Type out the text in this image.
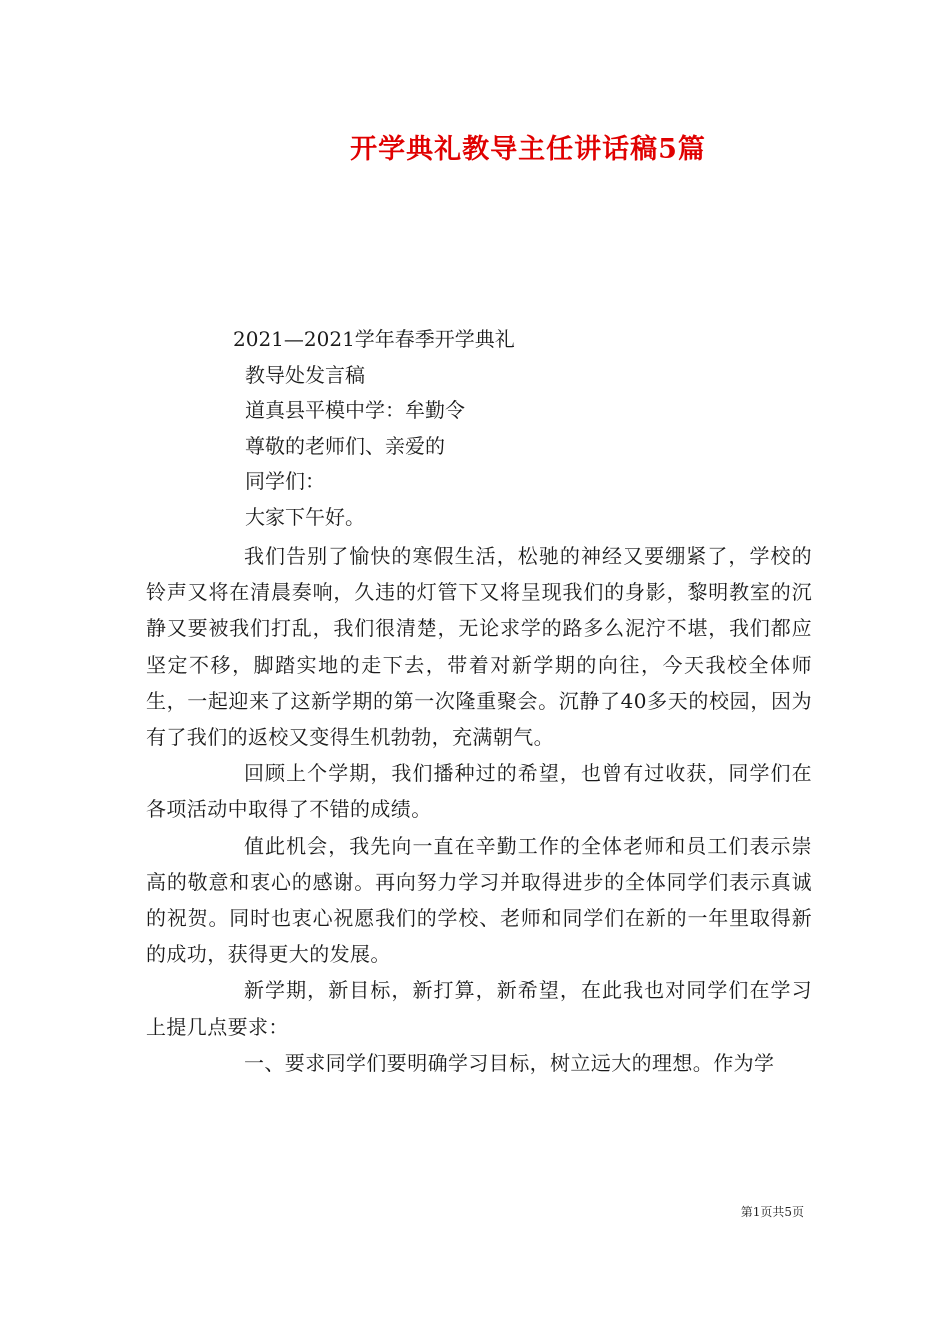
开学典礼教导主任讲话稿5篇
2021—2021学年春季开学典礼
教导处发言稿
道真县平模中学：牟勤令
尊敬的老师们、亲爱的
同学们：
大家下午好。

我们告别了愉快的寒假生活，松驰的神经又要绷紧了，学校的铃声又将在清晨奏响，久违的灯管下又将呈现我们的身影，黎明教室的沉静又要被我们打乱，我们很清楚，无论求学的路多么泥泞不堪，我们都应坚定不移，脚踏实地的走下去，带着对新学期的向往，今天我校全体师生，一起迎来了这新学期的第一次隆重聚会。沉静了40多天的校园，因为有了我们的返校又变得生机勃勃，充满朝气。

回顾上个学期，我们播种过的希望，也曾有过收获，同学们在各项活动中取得了不错的成绩。

值此机会，我先向一直在辛勤工作的全体老师和员工们表示崇高的敬意和衷心的感谢。再向努力学习并取得进步的全体同学们表示真诚的祝贺。同时也衷心祝愿我们的学校、老师和同学们在新的一年里取得新的成功，获得更大的发展。

新学期，新目标，新打算，新希望，在此我也对同学们在学习上提几点要求：

一、要求同学们要明确学习目标，树立远大的理想。作为学

第1页共5页
